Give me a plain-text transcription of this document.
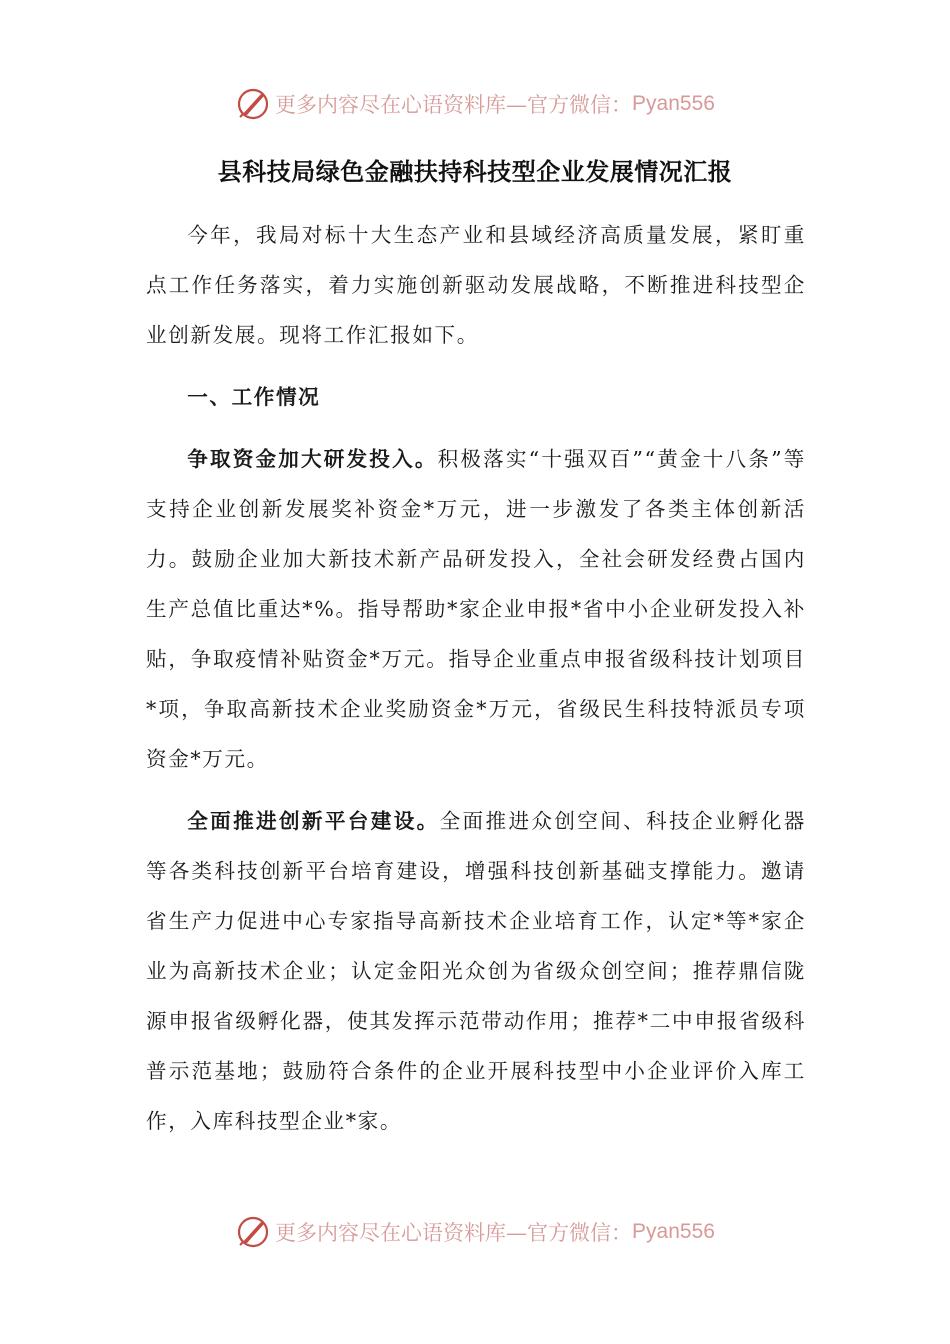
更多内容尽在心语资料库—官方微信： Pyan556
县科技局绿色金融扶持科技型企业发展情况汇报

今年，我局对标十大生态产业和县域经济高质量发展，紧盯重点工作任务落实，着力实施创新驱动发展战略，不断推进科技型企业创新发展。现将工作汇报如下。

一、工作情况

争取资金加大研发投入。积极落实“十强双百”“黄金十八条”等支持企业创新发展奖补资金*万元，进一步激发了各类主体创新活力。鼓励企业加大新技术新产品研发投入，全社会研发经费占国内生产总值比重达*%。指导帮助*家企业申报*省中小企业研发投入补贴，争取疫情补贴资金*万元。指导企业重点申报省级科技计划项目*项，争取高新技术企业奖励资金*万元，省级民生科技特派员专项资金*万元。

全面推进创新平台建设。全面推进众创空间、科技企业孵化器等各类科技创新平台培育建设，增强科技创新基础支撑能力。邀请省生产力促进中心专家指导高新技术企业培育工作，认定*等*家企业为高新技术企业；认定金阳光众创为省级众创空间；推荐鼎信陇源申报省级孵化器，使其发挥示范带动作用；推荐*二中申报省级科普示范基地；鼓励符合条件的企业开展科技型中小企业评价入库工作，入库科技型企业*家。

更多内容尽在心语资料库—官方微信： Pyan556
